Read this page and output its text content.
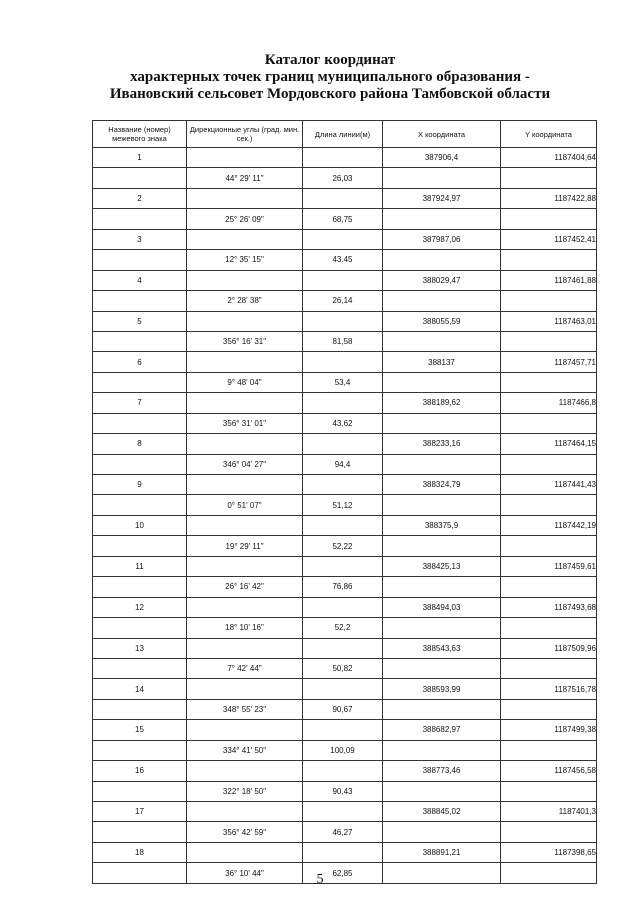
Каталог координат
характерных точек границ муниципального образования -
Ивановский сельсовет Мордовского района Тамбовской области
Название (номер) межевого знака	Дирекционные углы (град. мин. сек.)	Длина линии(м)	Х координата	Y координата
1			387906,4	1187404,64
	44° 29' 11"	26,03		
2			387924,97	1187422,88
	25° 26' 09"	68,75		
3			387987,06	1187452,41
	12° 35' 15"	43.45		
4			388029,47	1187461,88
	2° 28' 38"	26,14		
5			388055,59	1187463,01
	356° 16' 31"	81,58		
6			388137	1187457,71
	9° 48' 04"	53,4		
7			388189,62	1187466,8
	356° 31' 01"	43,62		
8			388233,16	1187464,15
	346° 04' 27"	94,4		
9			388324,79	1187441,43
	0° 51' 07"	51,12		
10			388375,9	1187442,19
	19° 29' 11"	52,22		
11			388425,13	1187459,61
	26° 16' 42"	76,86		
12			388494,03	1187493,68
	18° 10' 16"	52,2		
13			388543,63	1187509,96
	7° 42' 44"	50,82		
14			388593,99	1187516,78
	348° 55' 23"	90,67		
15			388682,97	1187499,38
	334° 41' 50"	100,09		
16			388773,46	1187456,58
	322° 18' 50"	90,43		
17			388845,02	1187401,3
	356° 42' 59"	46,27		
18			388891,21	1187398,65
	36° 10' 44"	62,85		
5
